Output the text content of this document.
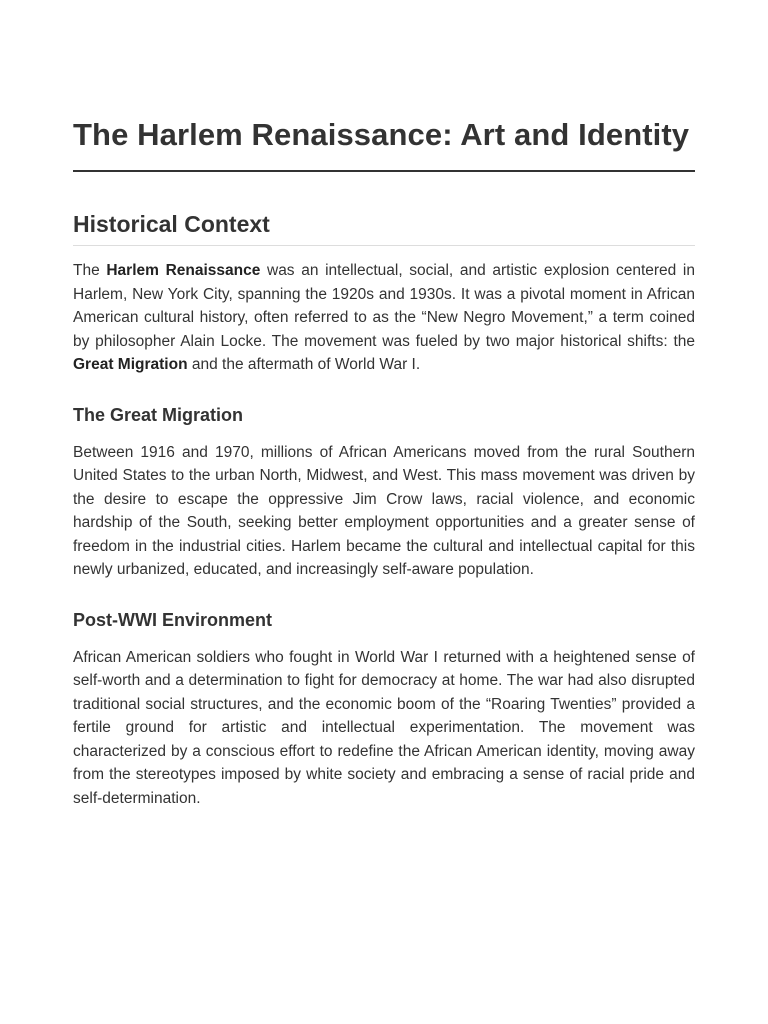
The Harlem Renaissance: Art and Identity
Historical Context

The Harlem Renaissance was an intellectual, social, and artistic explosion centered in Harlem, New York City, spanning the 1920s and 1930s. It was a pivotal moment in African American cultural history, often referred to as the “New Negro Movement,” a term coined by philosopher Alain Locke. The movement was fueled by two major historical shifts: the Great Migration and the aftermath of World War I.

The Great Migration

Between 1916 and 1970, millions of African Americans moved from the rural Southern United States to the urban North, Midwest, and West. This mass movement was driven by the desire to escape the oppressive Jim Crow laws, racial violence, and economic hardship of the South, seeking better employment opportunities and a greater sense of freedom in the industrial cities. Harlem became the cultural and intellectual capital for this newly urbanized, educated, and increasingly self-aware population.

Post-WWI Environment

African American soldiers who fought in World War I returned with a heightened sense of self-worth and a determination to fight for democracy at home. The war had also disrupted traditional social structures, and the economic boom of the “Roaring Twenties” provided a fertile ground for artistic and intellectual experimentation. The movement was characterized by a conscious effort to redefine the African American identity, moving away from the stereotypes imposed by white society and embracing a sense of racial pride and self-determination.
